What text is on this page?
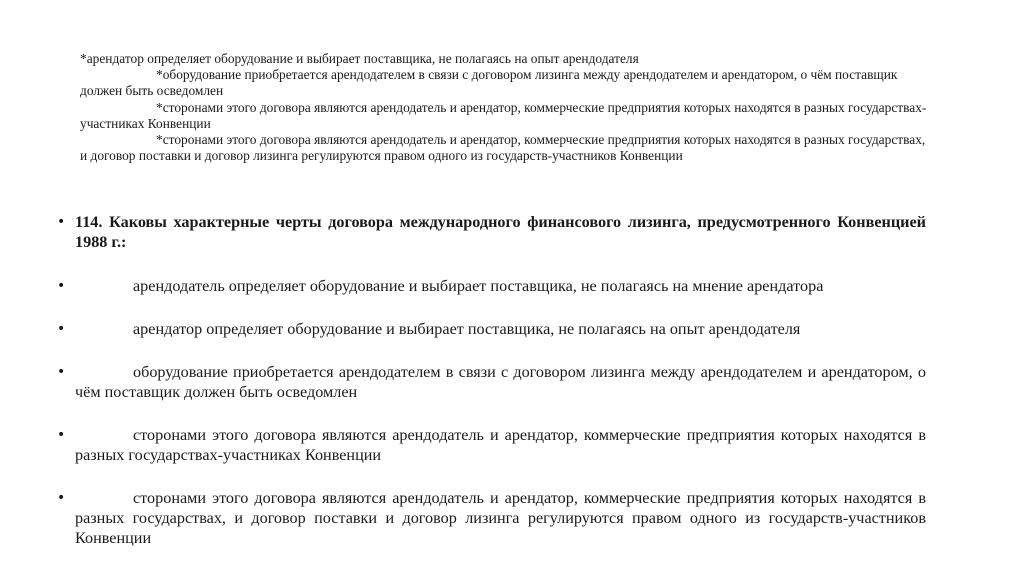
*арендатор определяет оборудование и выбирает поставщика, не полагаясь на опыт арендодателя

*оборудование приобретается арендодателем в связи с договором лизинга между арендодателем и арендатором, о чём поставщик должен быть осведомлен

*сторонами этого договора являются арендодатель и арендатор, коммерческие предприятия которых находятся в разных государствах-участниках Конвенции

*сторонами этого договора являются арендодатель и арендатор, коммерческие предприятия которых находятся в разных государствах, и договор поставки и договор лизинга регулируются правом одного из государств-участников Конвенции

• 114. Каковы характерные черты договора международного финансового лизинга, предусмотренного Конвенцией 1988 г.:
•	арендодатель определяет оборудование и выбирает поставщика, не полагаясь на мнение арендатора
•	арендатор определяет оборудование и выбирает поставщика, не полагаясь на опыт арендодателя
•	оборудование приобретается арендодателем в связи с договором лизинга между арендодателем и арендатором, о чём поставщик должен быть осведомлен
•	сторонами этого договора являются арендодатель и арендатор, коммерческие предприятия которых находятся в разных государствах-участниках Конвенции
•	сторонами этого договора являются арендодатель и арендатор, коммерческие предприятия которых находятся в разных государствах, и договор поставки и договор лизинга регулируются правом одного из государств-участников Конвенции
